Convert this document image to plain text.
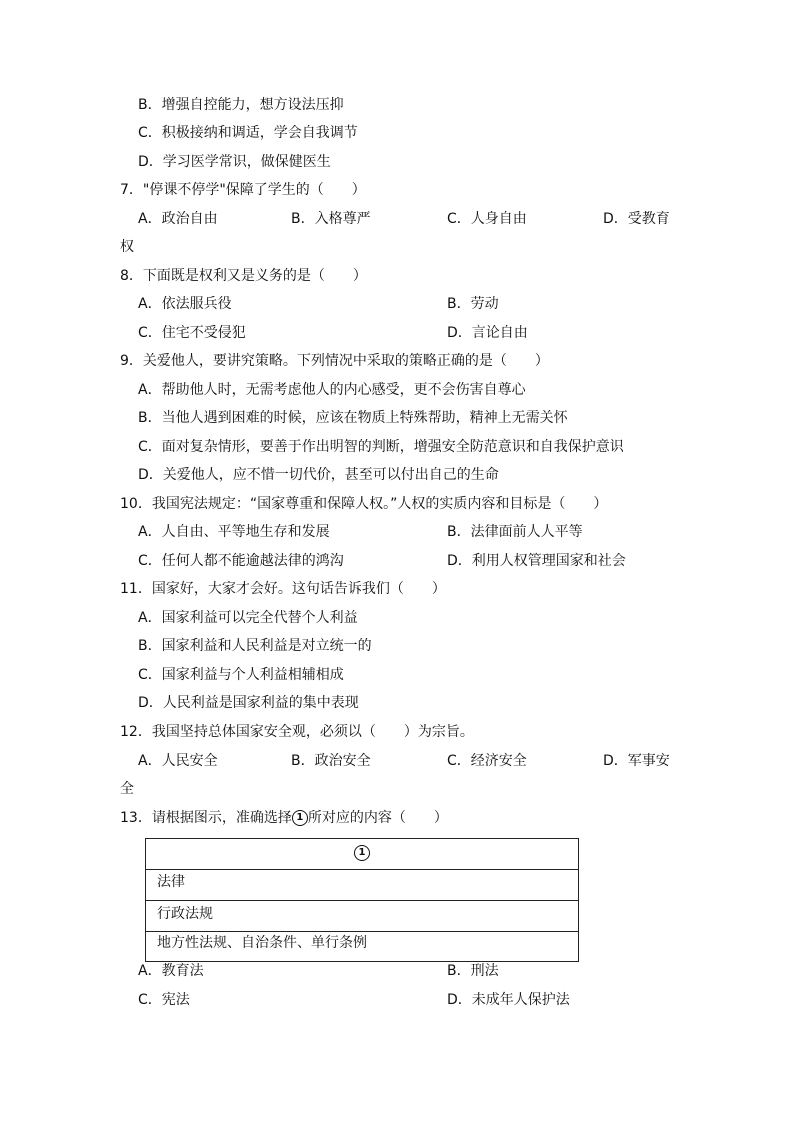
B．增强自控能力，想方设法压抑
C．积极接纳和调适，学会自我调节
D．学习医学常识，做保健医生
7．"停课不停学"保障了学生的（　　）
A．政治自由	B．入格尊严	C．人身自由	D．受教育
权
8．下面既是权利又是义务的是（　　）
A．依法服兵役	B．劳动
C．住宅不受侵犯	D．言论自由
9．关爱他人，要讲究策略。下列情况中采取的策略正确的是（　　）
A．帮助他人时，无需考虑他人的内心感受，更不会伤害自尊心
B．当他人遇到困难的时候，应该在物质上特殊帮助，精神上无需关怀
C．面对复杂情形，要善于作出明智的判断，增强安全防范意识和自我保护意识
D．关爱他人，应不惜一切代价，甚至可以付出自己的生命
10．我国宪法规定：“国家尊重和保障人权。”人权的实质内容和目标是（　　）
A．人自由、平等地生存和发展	B．法律面前人人平等
C．任何人都不能逾越法律的鸿沟	D．利用人权管理国家和社会
11．国家好，大家才会好。这句话告诉我们（　　）
A．国家利益可以完全代替个人利益
B．国家利益和人民利益是对立统一的
C．国家利益与个人利益相辅相成
D．人民利益是国家利益的集中表现
12．我国坚持总体国家安全观，必须以（　　）为宗旨。
A．人民安全	B．政治安全	C．经济安全	D．军事安
全
13．请根据图示，准确选择 1 所对应的内容（　　）
1
法律
行政法规
地方性法规、自治条件、单行条例
A．教育法	B．刑法
C．宪法	D．未成年人保护法
